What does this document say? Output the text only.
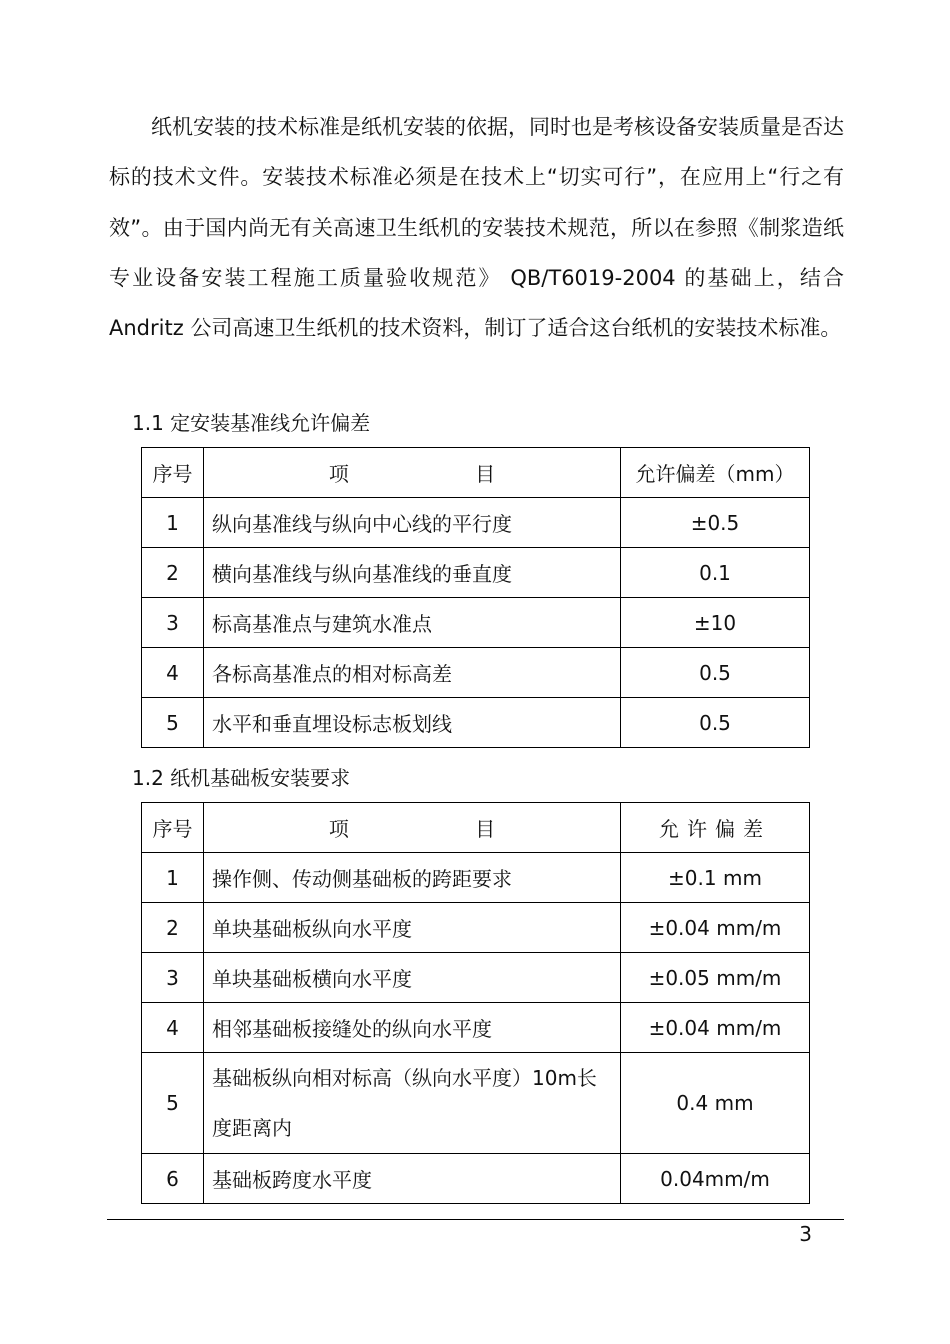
纸机安装的技术标准是纸机安装的依据，同时也是考核设备安装质量是否达标的技术文件。安装技术标准必须是在技术上“切实可行”，在应用上“行之有效”。由于国内尚无有关高速卫生纸机的安装技术规范，所以在参照《制浆造纸专业设备安装工程施工质量验收规范》 QB/T6019-2004 的基础上，结合 Andritz 公司高速卫生纸机的技术资料，制订了适合这台纸机的安装技术标准。

1.1 定安装基准线允许偏差
序号	项 目	允许偏差（mm）
1	纵向基准线与纵向中心线的平行度	±0.5
2	横向基准线与纵向基准线的垂直度	0.1
3	标高基准点与建筑水准点	±10
4	各标高基准点的相对标高差	0.5
5	水平和垂直埋设标志板划线	0.5
1.2 纸机基础板安装要求
序号	项 目	允许偏差
1	操作侧、传动侧基础板的跨距要求	±0.1 mm
2	单块基础板纵向水平度	±0.04 mm/m
3	单块基础板横向水平度	±0.05 mm/m
4	相邻基础板接缝处的纵向水平度	±0.04 mm/m
5	基础板纵向相对标高（纵向水平度）10m长度距离内	0.4 mm
6	基础板跨度水平度	0.04mm/m
3
